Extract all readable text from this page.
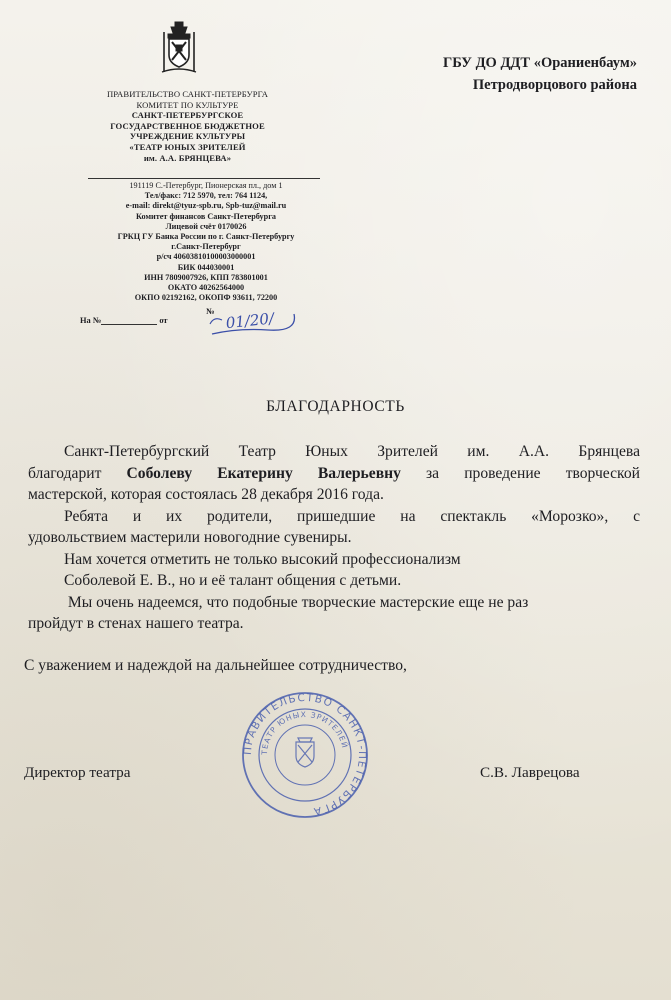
ГБУ ДО ДДТ «Ораниенбаум»
Петродворцового района
ПРАВИТЕЛЬСТВО САНКТ-ПЕТЕРБУРГА
КОМИТЕТ ПО КУЛЬТУРЕ
САНКТ-ПЕТЕРБУРГСКОЕ
ГОСУДАРСТВЕННОЕ БЮДЖЕТНОЕ
УЧРЕЖДЕНИЕ КУЛЬТУРЫ
«ТЕАТР ЮНЫХ ЗРИТЕЛЕЙ
им. А.А. БРЯНЦЕВА»
191119 С.-Петербург, Пионерская пл., дом 1
Тел/факс: 712 5970, тел: 764 1124,
e-mail: direkt@tyuz-spb.ru, Spb-tuz@mail.ru
Комитет финансов Санкт-Петербурга
Лицевой счёт 0170026
ГРКЦ ГУ Банка России по г. Санкт-Петербургу
г.Санкт-Петербург
р/сч 40603810100003000001
БИК 044030001
ИНН 7809007926, КПП 783801001
ОКАТО 40262564000
ОКПО 02192162, ОКОПФ 93611, 72200
№
На №	от	01/20/
БЛАГОДАРНОСТЬ

Санкт-Петербургский Театр Юных Зрителей им. А.А. Брянцева

благодарит Соболеву Екатерину Валерьевну за проведение творческой

мастерской, которая состоялась 28 декабря 2016 года.

Ребята и их родители, пришедшие на спектакль «Морозко», с

удовольствием мастерили новогодние сувениры.

Нам хочется отметить не только высокий профессионализм

Соболевой Е. В., но и её талант общения с детьми.

Мы очень надеемся, что подобные творческие мастерские еще не раз

пройдут в стенах нашего театра.

С уважением и надеждой на дальнейшее сотрудничество,
ПРАВИТЕЛЬСТВО САНКТ-ПЕТЕРБУРГА
ТЕАТР ЮНЫХ ЗРИТЕЛЕЙ
Директор театра	С.В. Лаврецова
